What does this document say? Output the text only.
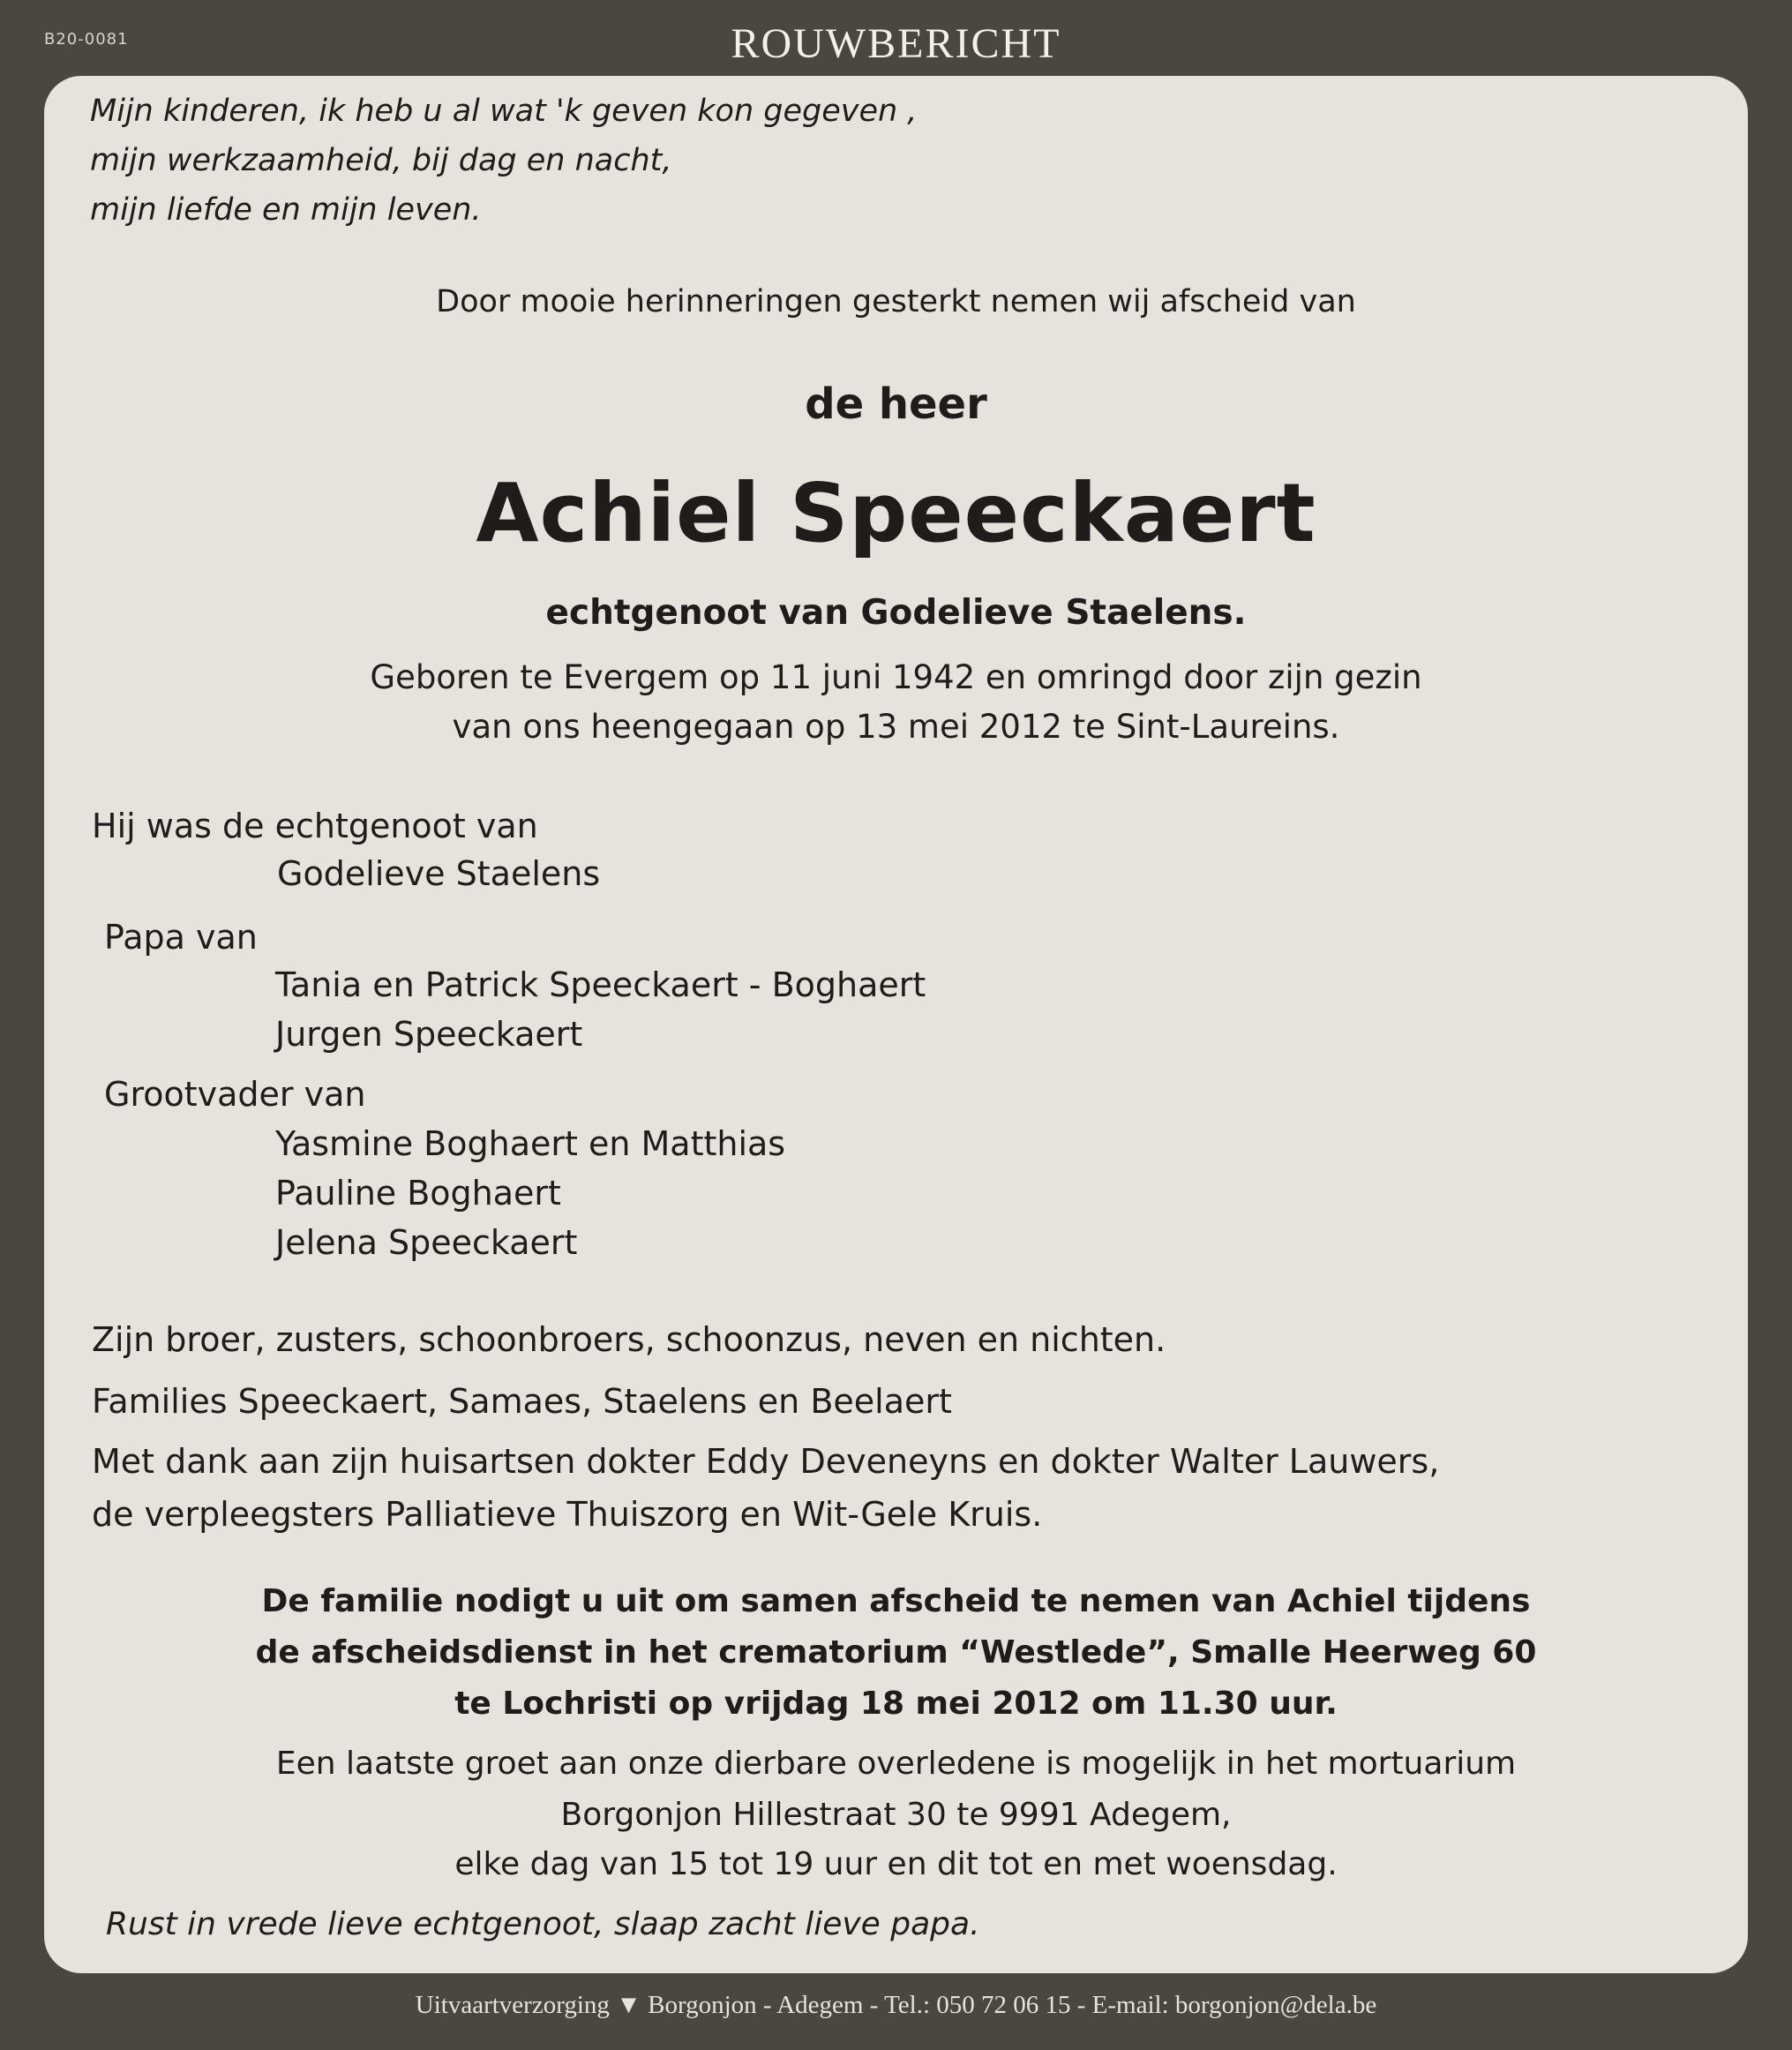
B20-0081	ROUWBERICHT
Mijn kinderen, ik heb u al wat 'k geven kon gegeven ,
mijn werkzaamheid, bij dag en nacht,
mijn liefde en mijn leven.
Door mooie herinneringen gesterkt nemen wij afscheid van
de heer
Achiel Speeckaert
echtgenoot van Godelieve Staelens.
Geboren te Evergem op 11 juni 1942 en omringd door zijn gezin
van ons heengegaan op 13 mei 2012 te Sint-Laureins.
Hij was de echtgenoot van
Godelieve Staelens
Papa van
Tania en Patrick Speeckaert - Boghaert
Jurgen Speeckaert
Grootvader van
Yasmine Boghaert en Matthias
Pauline Boghaert
Jelena Speeckaert
Zijn broer, zusters, schoonbroers, schoonzus, neven en nichten.
Families Speeckaert, Samaes, Staelens en Beelaert
Met dank aan zijn huisartsen dokter Eddy Deveneyns en dokter Walter Lauwers,
de verpleegsters Palliatieve Thuiszorg en Wit-Gele Kruis.
De familie nodigt u uit om samen afscheid te nemen van Achiel tijdens
de afscheidsdienst in het crematorium “Westlede”, Smalle Heerweg 60
te Lochristi op vrijdag 18 mei 2012 om 11.30 uur.
Een laatste groet aan onze dierbare overledene is mogelijk in het mortuarium
Borgonjon Hillestraat 30 te 9991 Adegem,
elke dag van 15 tot 19 uur en dit tot en met woensdag.
Rust in vrede lieve echtgenoot, slaap zacht lieve papa.
Uitvaartverzorging ▼ Borgonjon - Adegem - Tel.: 050 72 06 15 - E-mail: borgonjon@dela.be
